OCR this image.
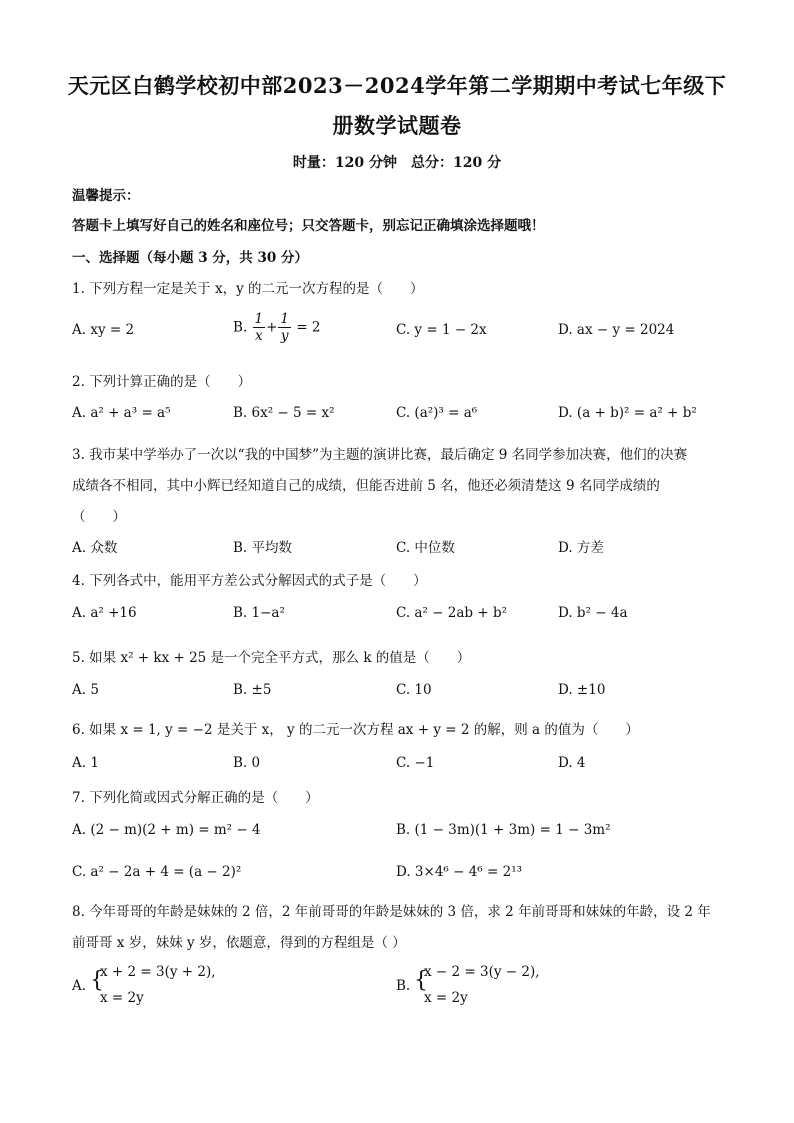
天元区白鹤学校初中部2023－2024学年第二学期期中考试七年级下
册数学试题卷
时量：120 分钟　总分：120 分
温馨提示：
答题卡上填写好自己的姓名和座位号；只交答题卡，别忘记正确填涂选择题哦！
一、选择题（每小题 3 分，共 30 分）
1. 下列方程一定是关于 x，y 的二元一次方程的是（　　）
A. xy = 2	B. $\frac{1}{x} + \frac{1}{y} = 2$	C. y = 1 − 2x	D. ax − y = 2024
2. 下列计算正确的是（　　）
A. a² + a³ = a⁵	B. 6x² − 5 = x²	C. (a²)³ = a⁶	D. (a + b)² = a² + b²
3. 我市某中学举办了一次以“我的中国梦”为主题的演讲比赛，最后确定 9 名同学参加决赛，他们的决赛
成绩各不相同，其中小辉已经知道自己的成绩，但能否进前 5 名，他还必须清楚这 9 名同学成绩的
（　　）
A. 众数	B. 平均数	C. 中位数	D. 方差
4. 下列各式中，能用平方差公式分解因式的式子是（　　）
A. a² +16	B. 1−a²	C. a² − 2ab + b²	D. b² − 4a
5. 如果 x² + kx + 25 是一个完全平方式，那么 k 的值是（　　）
A. 5	B. ±5	C. 10	D. ±10
6. 如果 x = 1, y = −2 是关于 x， y 的二元一次方程 ax + y = 2 的解，则 a 的值为（　　）
A. 1	B. 0	C. −1	D. 4
7. 下列化简或因式分解正确的是（　　）
A. (2 − m)(2 + m) = m² − 4	B. (1 − 3m)(1 + 3m) = 1 − 3m²
C. a² − 2a + 4 = (a − 2)²	D. 3×4⁶ − 4⁶ = 2¹³
8. 今年哥哥的年龄是妹妹的 2 倍，2 年前哥哥的年龄是妹妹的 3 倍，求 2 年前哥哥和妹妹的年龄，设 2 年
前哥哥 x 岁，妹妹 y 岁，依题意，得到的方程组是（ ）
A. {
x + 2 = 3(y + 2),
x = 2y
B. {
x − 2 = 3(y − 2),
x = 2y
